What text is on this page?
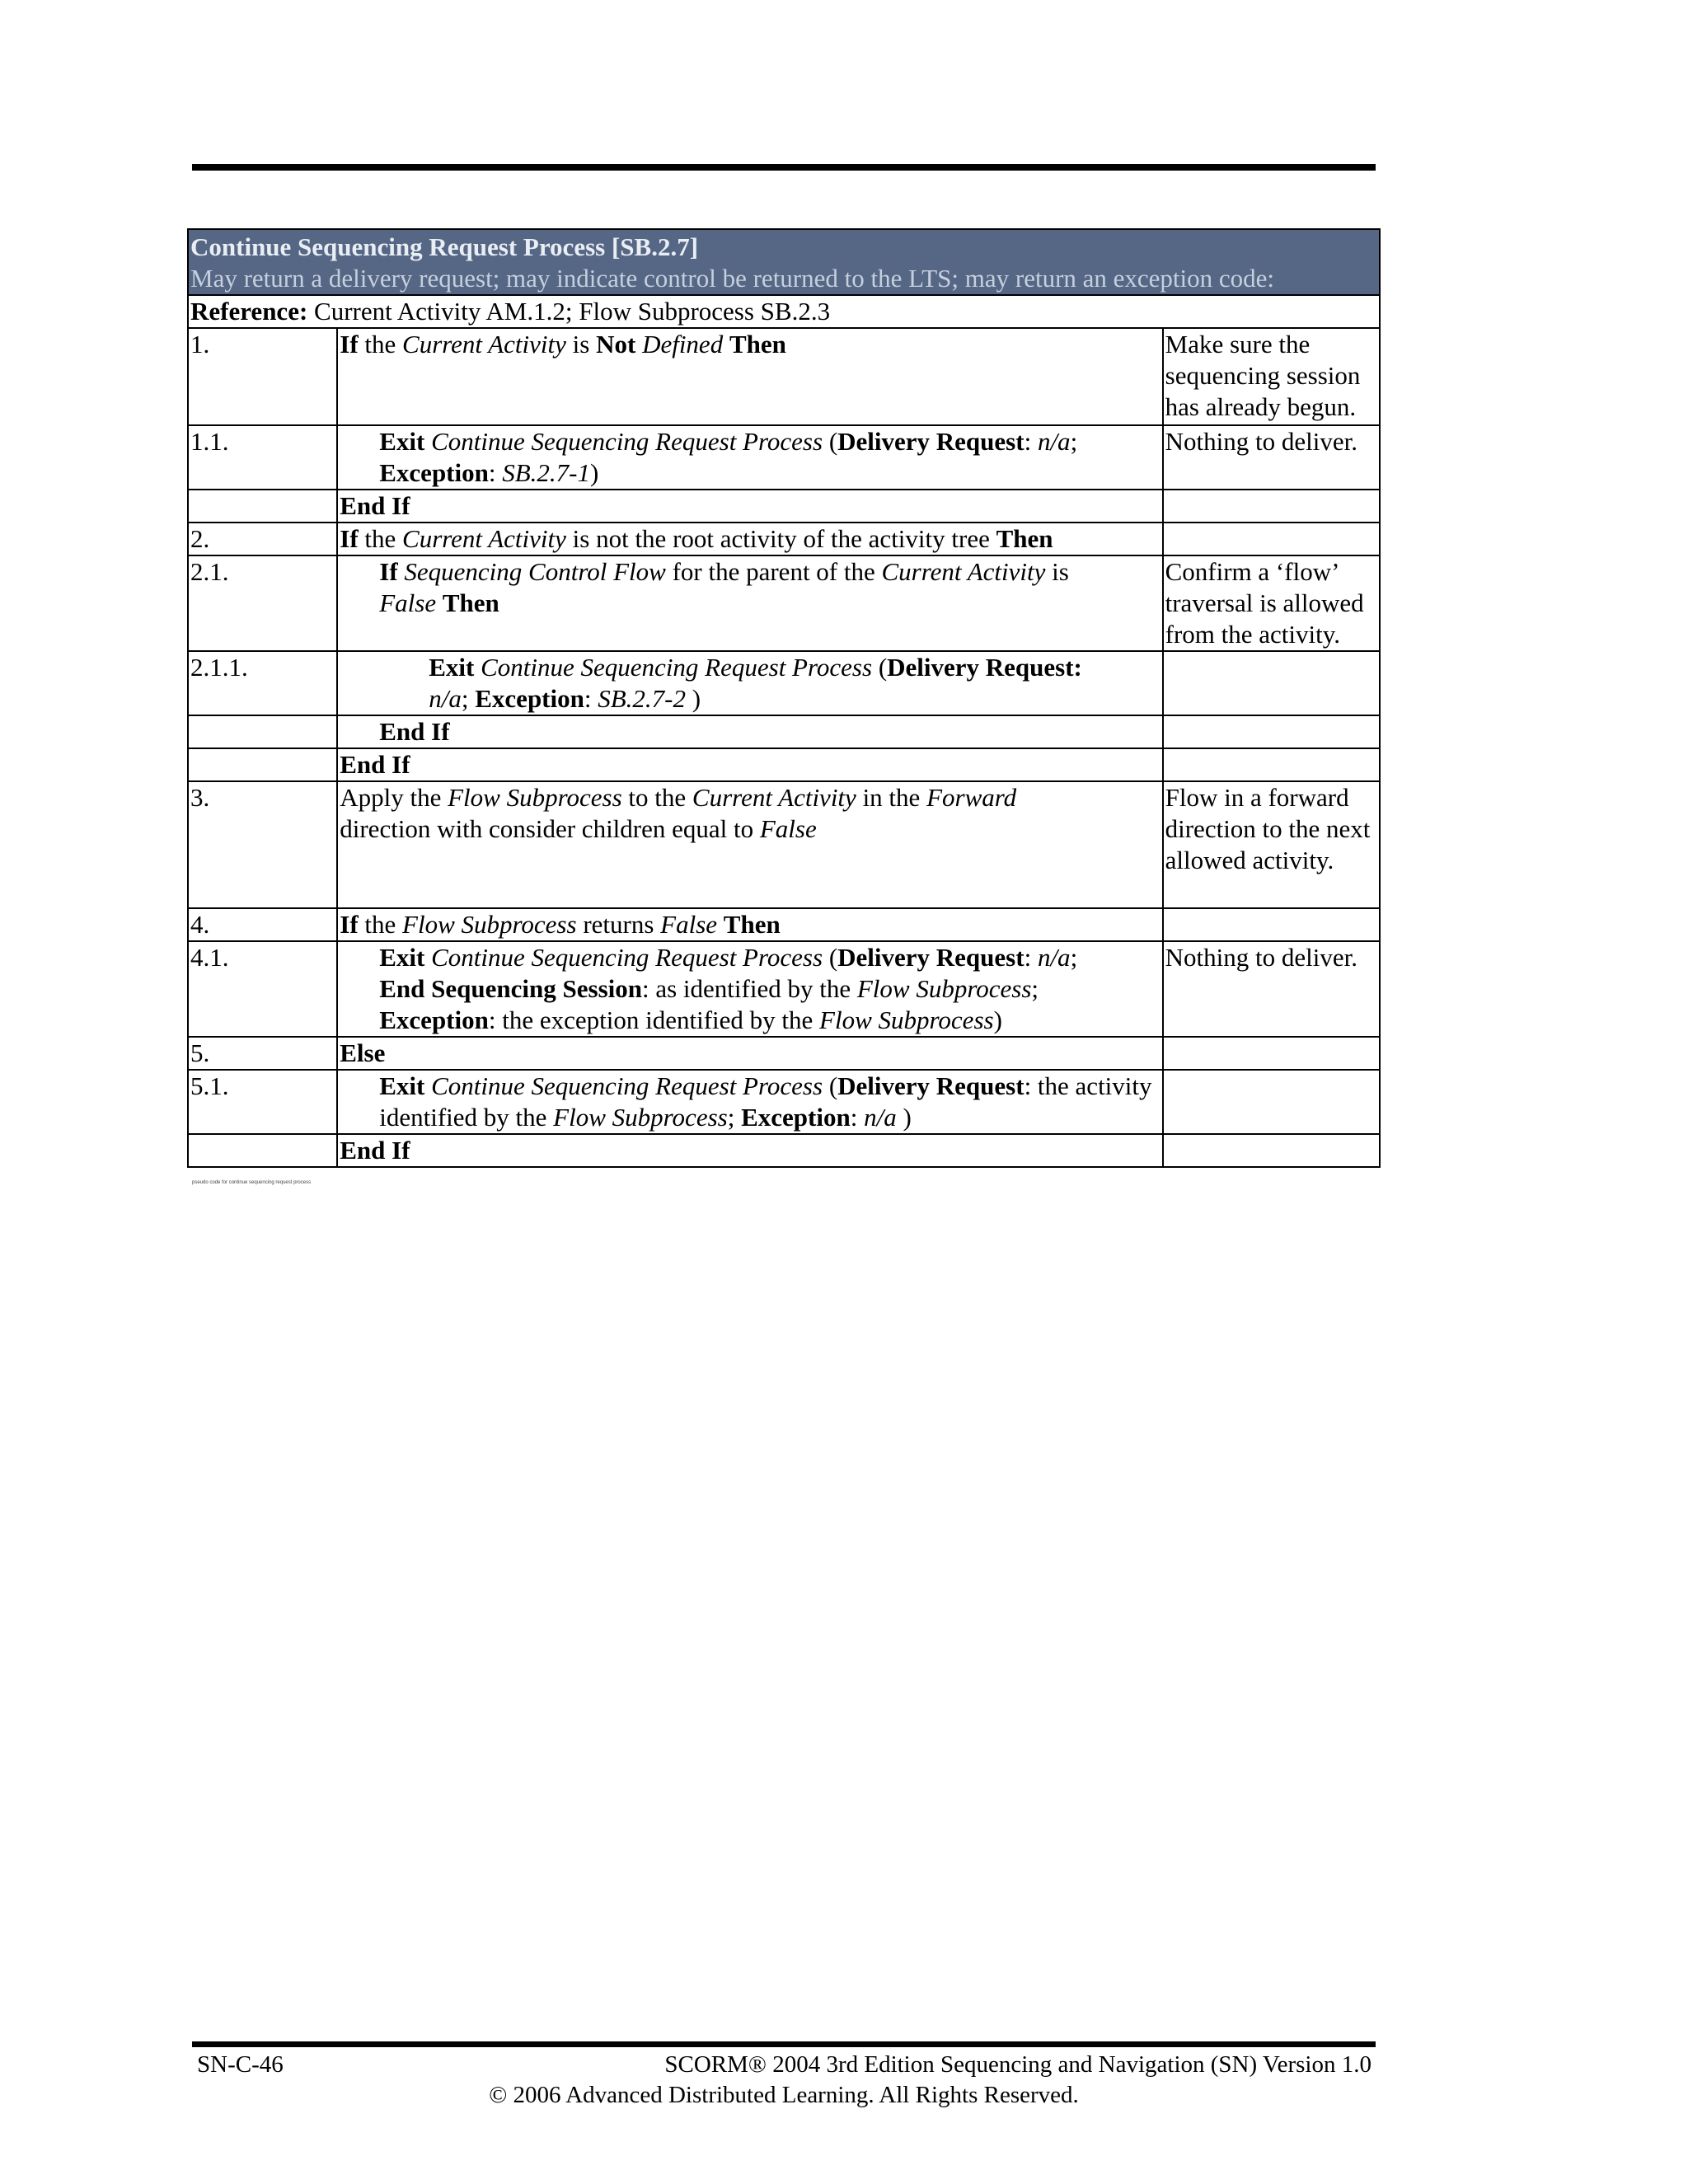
Continue Sequencing Request Process [SB.2.7]		
May return a delivery request; may indicate control be returned to the LTS; may return an exception code:		
Reference: Current Activity AM.1.2; Flow Subprocess SB.2.3		
1.	If the Current Activity is Not Defined Then	Make sure the sequencing session has already begun.
1.1.	Exit Continue Sequencing Request Process (Delivery Request: n/a;
Exception: SB.2.7-1)	Nothing to deliver.
	End If	
2.	If the Current Activity is not the root activity of the activity tree Then	
2.1.	If Sequencing Control Flow for the parent of the Current Activity is
False Then	Confirm a ‘flow’ traversal is allowed from the activity.
2.1.1.	Exit Continue Sequencing Request Process (Delivery Request:
n/a; Exception: SB.2.7-2 )	
	End If	
	End If	
3.	Apply the Flow Subprocess to the Current Activity in the Forward
direction with consider children equal to False	Flow in a forward direction to the next allowed activity.
4.	If the Flow Subprocess returns False Then	
4.1.	Exit Continue Sequencing Request Process (Delivery Request: n/a;
End Sequencing Session: as identified by the Flow Subprocess;
Exception: the exception identified by the Flow Subprocess)	Nothing to deliver.
5.	Else	
5.1.	Exit Continue Sequencing Request Process (Delivery Request: the activity identified by the Flow Subprocess; Exception: n/a )	
	End If	
pseudo code for continue sequencing request process
SN-C-46	SCORM® 2004 3rd Edition Sequencing and Navigation (SN) Version 1.0
© 2006 Advanced Distributed Learning. All Rights Reserved.
